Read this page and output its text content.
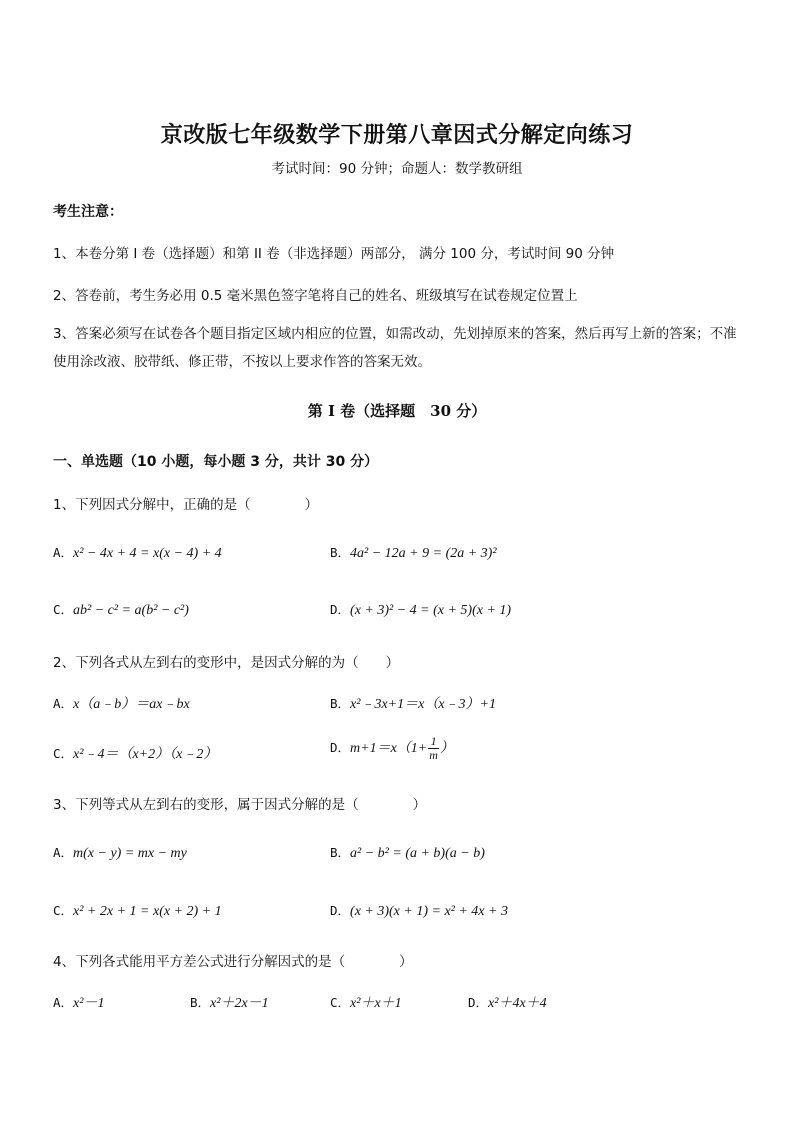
京改版七年级数学下册第八章因式分解定向练习
考试时间：90 分钟；命题人：数学教研组
考生注意：
1、本卷分第 I 卷（选择题）和第 II 卷（非选择题）两部分， 满分 100 分，考试时间 90 分钟
2、答卷前，考生务必用 0.5 毫米黑色签字笔将自己的姓名、班级填写在试卷规定位置上
3、答案必须写在试卷各个题目指定区域内相应的位置，如需改动，先划掉原来的答案，然后再写上新的答案；不准使用涂改液、胶带纸、修正带，不按以上要求作答的答案无效。
第 I 卷（选择题　30 分）
一、单选题（10 小题，每小题 3 分，共计 30 分）
1、下列因式分解中，正确的是（　　　　）
A．x² − 4x + 4 = x(x − 4) + 4	B．4a² − 12a + 9 = (2a + 3)²
C．ab² − c² = a(b² − c²)	D．(x + 3)² − 4 = (x + 5)(x + 1)
2、下列各式从左到右的变形中，是因式分解的为（　　）
A．x（a﹣b）＝ax﹣bx	B．x²﹣3x+1＝x（x﹣3）+1
C．x²﹣4＝（x+2）（x﹣2）	D．$m+1=x(1+ \frac{1}{m}$ ）
3、下列等式从左到右的变形，属于因式分解的是（　　　　）
A．m(x − y) = mx − my	B．a² − b² = (a + b)(a − b)
C．x² + 2x + 1 = x(x + 2) + 1	D．(x + 3)(x + 1) = x² + 4x + 3
4、下列各式能用平方差公式进行分解因式的是（　　　　）
A．x²－1	B．x²＋2x－1	C．x²＋x＋1	D．x²＋4x＋4
